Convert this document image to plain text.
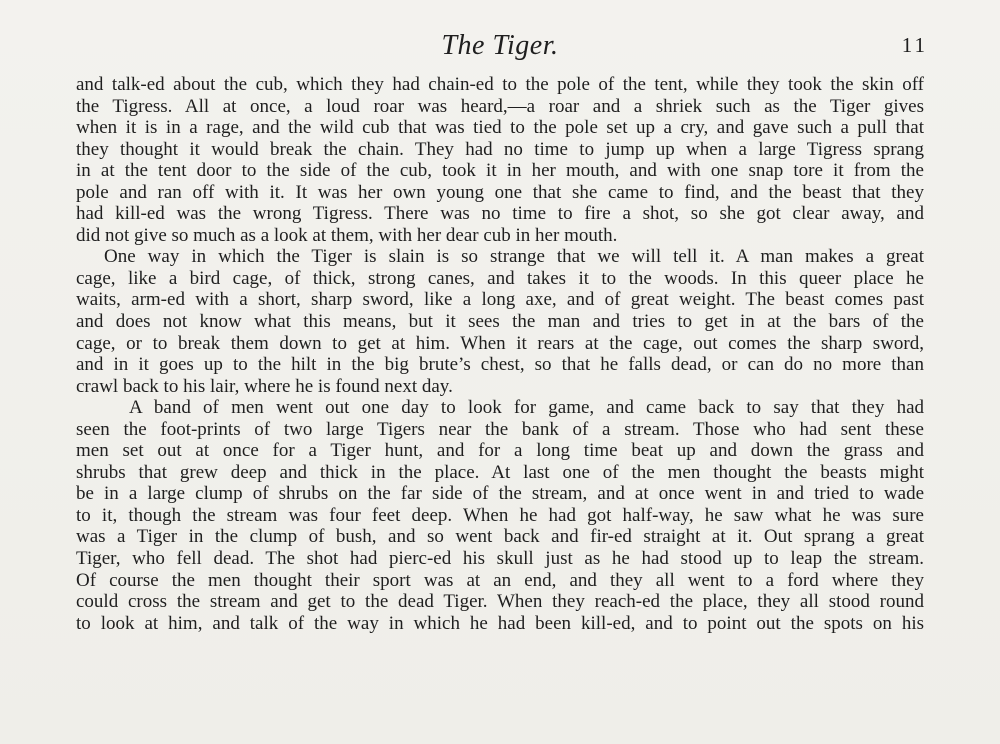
The Tiger.	11
and talk-ed about the cub, which they had chain-ed to the pole of the tent, while they took the skin off
the Tigress. All at once, a loud roar was heard,—a roar and a shriek such as the Tiger gives
when it is in a rage, and the wild cub that was tied to the pole set up a cry, and gave such a pull that
they thought it would break the chain. They had no time to jump up when a large Tigress sprang
in at the tent door to the side of the cub, took it in her mouth, and with one snap tore it from the
pole and ran off with it. It was her own young one that she came to find, and the beast that they
had kill-ed was the wrong Tigress. There was no time to fire a shot, so she got clear away, and
did not give so much as a look at them, with her dear cub in her mouth.
One way in which the Tiger is slain is so strange that we will tell it. A man makes a great
cage, like a bird cage, of thick, strong canes, and takes it to the woods. In this queer place he
waits, arm-ed with a short, sharp sword, like a long axe, and of great weight. The beast comes past
and does not know what this means, but it sees the man and tries to get in at the bars of the
cage, or to break them down to get at him. When it rears at the cage, out comes the sharp sword,
and in it goes up to the hilt in the big brute’s chest, so that he falls dead, or can do no more than
crawl back to his lair, where he is found next day.
A band of men went out one day to look for game, and came back to say that they had
seen the foot-prints of two large Tigers near the bank of a stream. Those who had sent these
men set out at once for a Tiger hunt, and for a long time beat up and down the grass and
shrubs that grew deep and thick in the place. At last one of the men thought the beasts might
be in a large clump of shrubs on the far side of the stream, and at once went in and tried to wade
to it, though the stream was four feet deep. When he had got half-way, he saw what he was sure
was a Tiger in the clump of bush, and so went back and fir-ed straight at it. Out sprang a great
Tiger, who fell dead. The shot had pierc-ed his skull just as he had stood up to leap the stream.
Of course the men thought their sport was at an end, and they all went to a ford where they
could cross the stream and get to the dead Tiger. When they reach-ed the place, they all stood round
to look at him, and talk of the way in which he had been kill-ed, and to point out the spots on his
